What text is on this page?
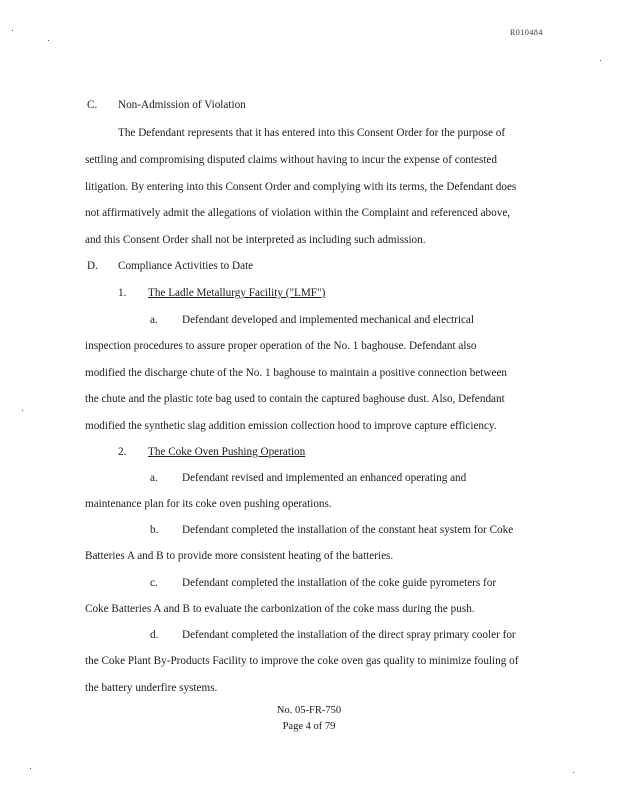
R010484
C. Non-Admission of Violation
The Defendant represents that it has entered into this Consent Order for the purpose of
settling and compromising disputed claims without having to incur the expense of contested
litigation. By entering into this Consent Order and complying with its terms, the Defendant does
not affirmatively admit the allegations of violation within the Complaint and referenced above,
and this Consent Order shall not be interpreted as including such admission.
D. Compliance Activities to Date
1. The Ladle Metallurgy Facility ("LMF")
a. Defendant developed and implemented mechanical and electrical
inspection procedures to assure proper operation of the No. 1 baghouse. Defendant also
modified the discharge chute of the No. 1 baghouse to maintain a positive connection between
the chute and the plastic tote bag used to contain the captured baghouse dust. Also, Defendant
modified the synthetic slag addition emission collection hood to improve capture efficiency.
2. The Coke Oven Pushing Operation
a. Defendant revised and implemented an enhanced operating and
maintenance plan for its coke oven pushing operations.
b. Defendant completed the installation of the constant heat system for Coke
Batteries A and B to provide more consistent heating of the batteries.
c. Defendant completed the installation of the coke guide pyrometers for
Coke Batteries A and B to evaluate the carbonization of the coke mass during the push.
d. Defendant completed the installation of the direct spray primary cooler for
the Coke Plant By-Products Facility to improve the coke oven gas quality to minimize fouling of
the battery underfire systems.
No. 05-FR-750
Page 4 of 79
